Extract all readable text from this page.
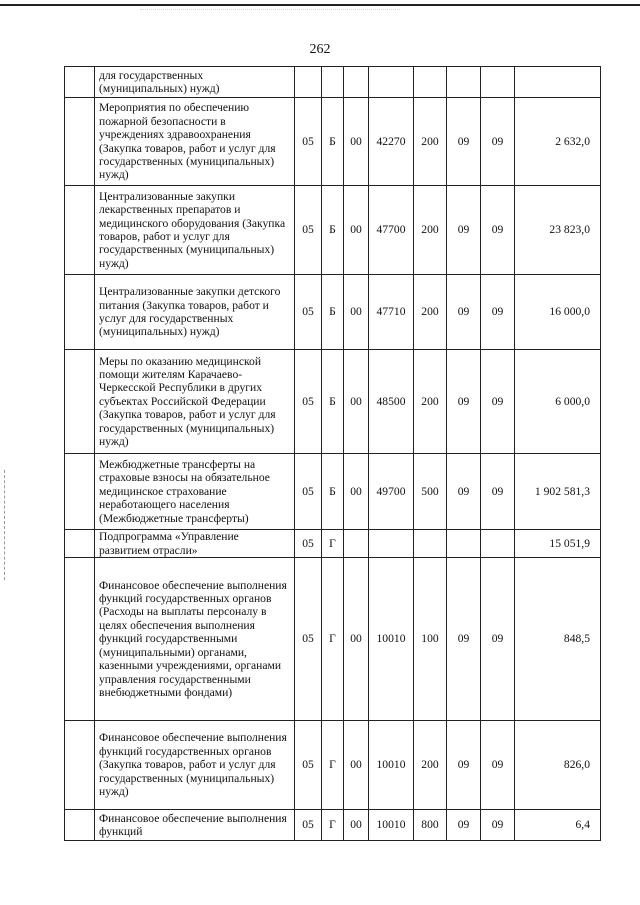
262
	для государственных (муниципальных) нужд)								
	Мероприятия по обеспечению пожарной безопасности в учреждениях здравоохранения (Закупка товаров, работ и услуг для государственных (муниципальных) нужд)	05	Б	00	42270	200	09	09	2 632,0
	Централизованные закупки лекарственных препаратов и медицинского оборудования (Закупка товаров, работ и услуг для государственных (муниципальных) нужд)	05	Б	00	47700	200	09	09	23 823,0
	Централизованные закупки детского питания (Закупка товаров, работ и услуг для государственных (муниципальных) нужд)	05	Б	00	47710	200	09	09	16 000,0
	Меры по оказанию медицинской помощи жителям Карачаево-Черкесской Республики в других субъектах Российской Федерации (Закупка товаров, работ и услуг для государственных (муниципальных) нужд)	05	Б	00	48500	200	09	09	6 000,0
	Межбюджетные трансферты на страховые взносы на обязательное медицинское страхование неработающего населения (Межбюджетные трансферты)	05	Б	00	49700	500	09	09	1 902 581,3
	Подпрограмма «Управление развитием отрасли»	05	Г						15 051,9
	Финансовое обеспечение выполнения функций государственных органов (Расходы на выплаты персоналу в целях обеспечения выполнения функций государственными (муниципальными) органами, казенными учреждениями, органами управления государственными внебюджетными фондами)	05	Г	00	10010	100	09	09	848,5
	Финансовое обеспечение выполнения функций государственных органов (Закупка товаров, работ и услуг для государственных (муниципальных) нужд)	05	Г	00	10010	200	09	09	826,0
	Финансовое обеспечение выполнения функций	05	Г	00	10010	800	09	09	6,4
